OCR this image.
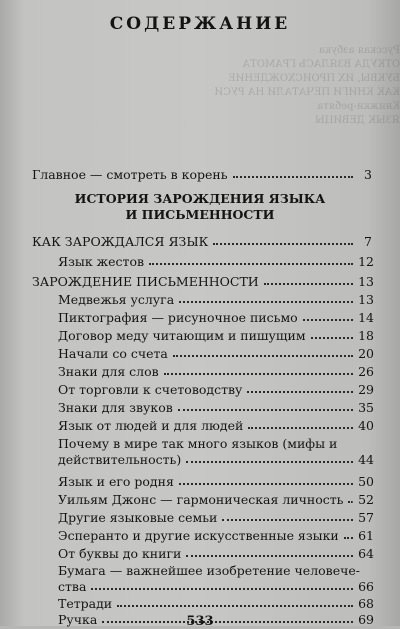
Русская азбука
ОТКУДА ВЗЯЛАСЬ ГРАМОТА
БУКВЫ, ИХ ПРОИСХОЖДЕНИЕ
КАК КНИГИ ПЕЧАТАЛИ НА РУСИ
Книжки-ребята
ЯЗЫК ДЕВИЦЫ
СОДЕРЖАНИЕ
Главное — смотреть в корень	3
ИСТОРИЯ ЗАРОЖДЕНИЯ ЯЗЫКА
И ПИСЬМЕННОСТИ
КАК ЗАРОЖДАЛСЯ ЯЗЫК	7
Язык жестов	12
ЗАРОЖДЕНИЕ ПИСЬМЕННОСТИ	13
Медвежья услуга	13
Пиктография — рисуночное письмо	14
Договор меду читающим и пишущим	18
Начали со счета	20
Знаки для слов	26
От торговли к счетоводству	29
Знаки для звуков	35
Язык от людей и для людей	40
Почему в мире так много языков (мифы и
действительность)	44
Язык и его родня	50
Уильям Джонс — гармоническая личность 52
Другие языковые семьи	57
Эсперанто и другие искусственные языки 61
От буквы до книги	64
Бумага — важнейшее изобретение человече-
ства	66
Тетради	68
Ручка	69
533
